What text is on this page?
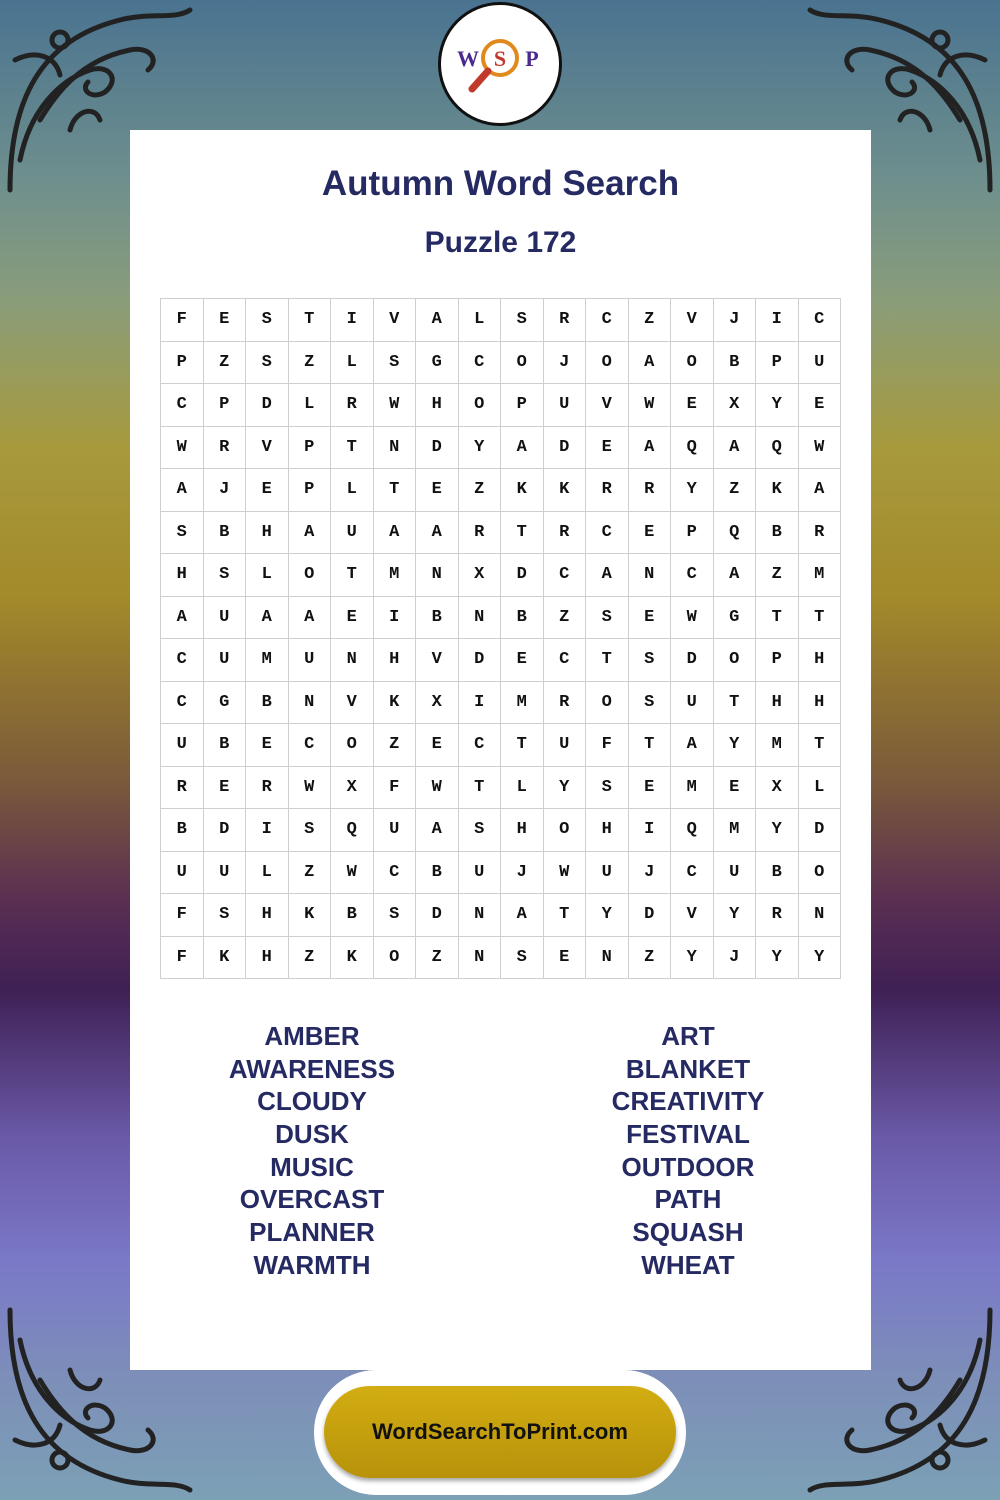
W S P
Autumn Word Search
Puzzle 172
F	E	S	T	I	V	A	L	S	R	C	Z	V	J	I	C
P	Z	S	Z	L	S	G	C	O	J	O	A	O	B	P	U
C	P	D	L	R	W	H	O	P	U	V	W	E	X	Y	E
W	R	V	P	T	N	D	Y	A	D	E	A	Q	A	Q	W
A	J	E	P	L	T	E	Z	K	K	R	R	Y	Z	K	A
S	B	H	A	U	A	A	R	T	R	C	E	P	Q	B	R
H	S	L	O	T	M	N	X	D	C	A	N	C	A	Z	M
A	U	A	A	E	I	B	N	B	Z	S	E	W	G	T	T
C	U	M	U	N	H	V	D	E	C	T	S	D	O	P	H
C	G	B	N	V	K	X	I	M	R	O	S	U	T	H	H
U	B	E	C	O	Z	E	C	T	U	F	T	A	Y	M	T
R	E	R	W	X	F	W	T	L	Y	S	E	M	E	X	L
B	D	I	S	Q	U	A	S	H	O	H	I	Q	M	Y	D
U	U	L	Z	W	C	B	U	J	W	U	J	C	U	B	O
F	S	H	K	B	S	D	N	A	T	Y	D	V	Y	R	N
F	K	H	Z	K	O	Z	N	S	E	N	Z	Y	J	Y	Y
AMBER
AWARENESS
CLOUDY
DUSK
MUSIC
OVERCAST
PLANNER
WARMTH
ART
BLANKET
CREATIVITY
FESTIVAL
OUTDOOR
PATH
SQUASH
WHEAT
WordSearchToPrint.com
